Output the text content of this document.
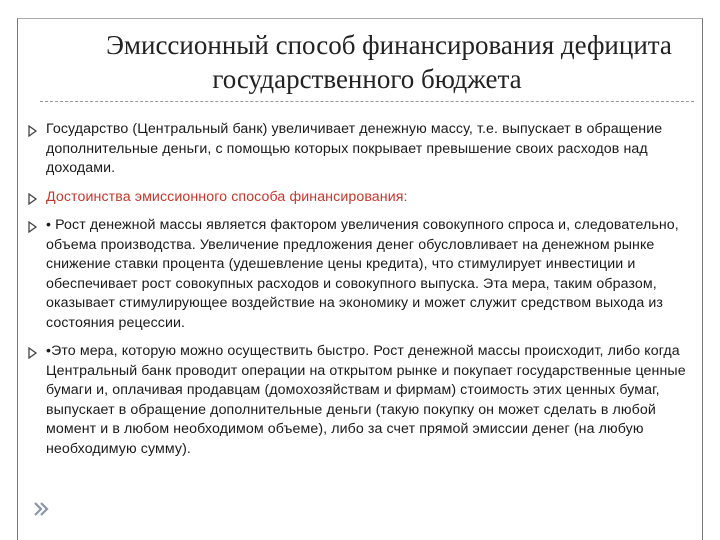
Эмиссионный способ финансирования дефицита
государственного бюджета
Государство (Центральный банк) увеличивает денежную массу, т.е. выпускает в обращение дополнительные деньги, с помощью которых покрывает превышение своих расходов над доходами.
Достоинства эмиссионного способа финансирования:
• Рост денежной массы является фактором увеличения совокупного спроса и, следовательно, объема производства. Увеличение предложения денег обусловливает на денежном рынке снижение ставки процента (удешевление цены кредита), что стимулирует инвестиции и обеспечивает рост совокупных расходов и совокупного выпуска. Эта мера, таким образом, оказывает стимулирующее воздействие на экономику и может служит средством выхода из состояния рецессии.
•Это мера, которую можно осуществить быстро. Рост денежной массы происходит, либо когда Центральный банк проводит операции на открытом рынке и покупает государственные ценные бумаги и, оплачивая продавцам (домохозяйствам и фирмам) стоимость этих ценных бумаг, выпускает в обращение дополнительные деньги (такую покупку он может сделать в любой момент и в любом необходимом объеме), либо за счет прямой эмиссии денег (на любую необходимую сумму).
